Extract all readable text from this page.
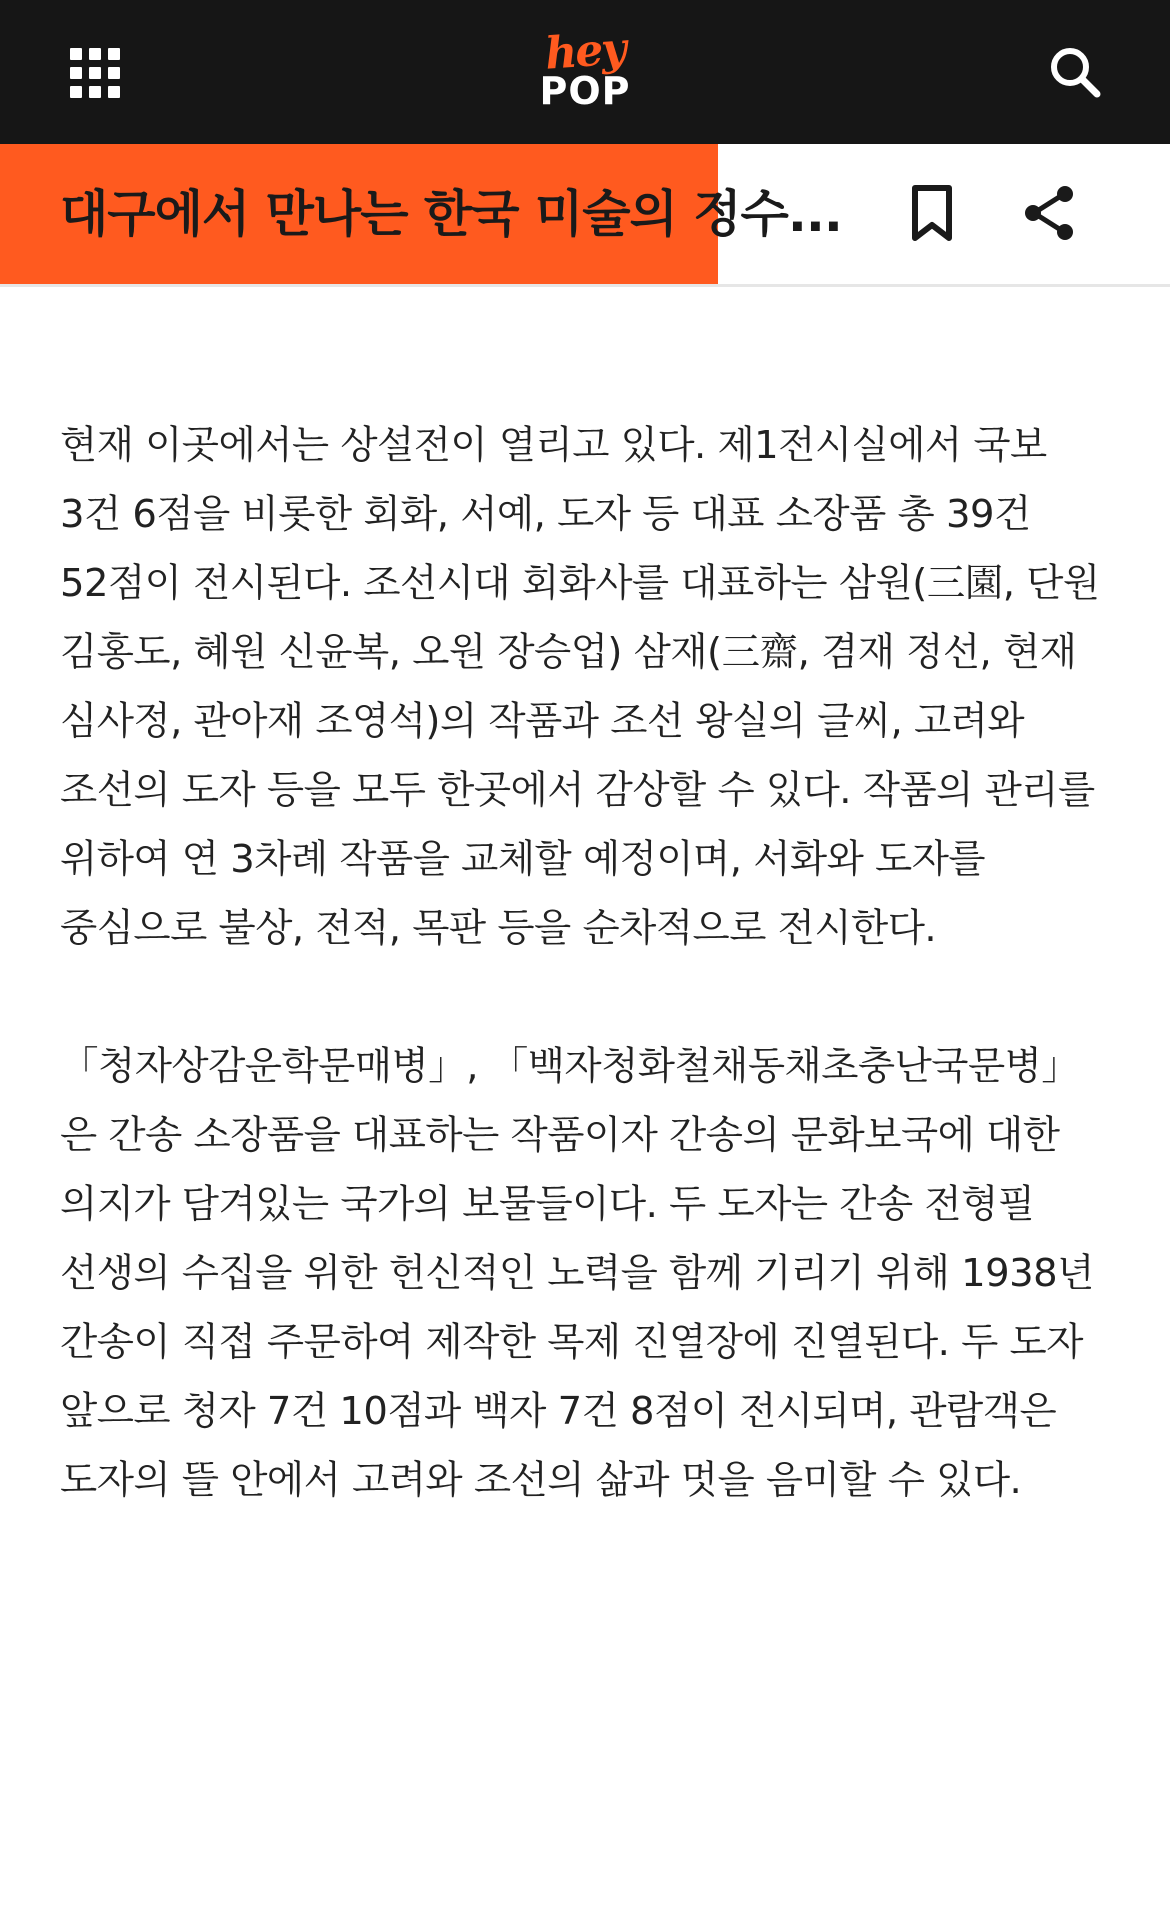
hey
POP
대구에서 만나는 한국 미술의 정수...

현재 이곳에서는 상설전이 열리고 있다. 제1전시실에서 국보 3건 6점을 비롯한 회화, 서예, 도자 등 대표 소장품 총 39건 52점이 전시된다. 조선시대 회화사를 대표하는 삼원(三園, 단원 김홍도, 혜원 신윤복, 오원 장승업) 삼재(三齋, 겸재 정선, 현재 심사정, 관아재 조영석)의 작품과 조선 왕실의 글씨, 고려와 조선의 도자 등을 모두 한곳에서 감상할 수 있다. 작품의 관리를 위하여 연 3차례 작품을 교체할 예정이며, 서화와 도자를 중심으로 불상, 전적, 목판 등을 순차적으로 전시한다.

「청자상감운학문매병」, 「백자청화철채동채초충난국문병」은 간송 소장품을 대표하는 작품이자 간송의 문화보국에 대한 의지가 담겨있는 국가의 보물들이다. 두 도자는 간송 전형필 선생의 수집을 위한 헌신적인 노력을 함께 기리기 위해 1938년 간송이 직접 주문하여 제작한 목제 진열장에 진열된다. 두 도자 앞으로 청자 7건 10점과 백자 7건 8점이 전시되며, 관람객은 도자의 뜰 안에서 고려와 조선의 삶과 멋을 음미할 수 있다.
